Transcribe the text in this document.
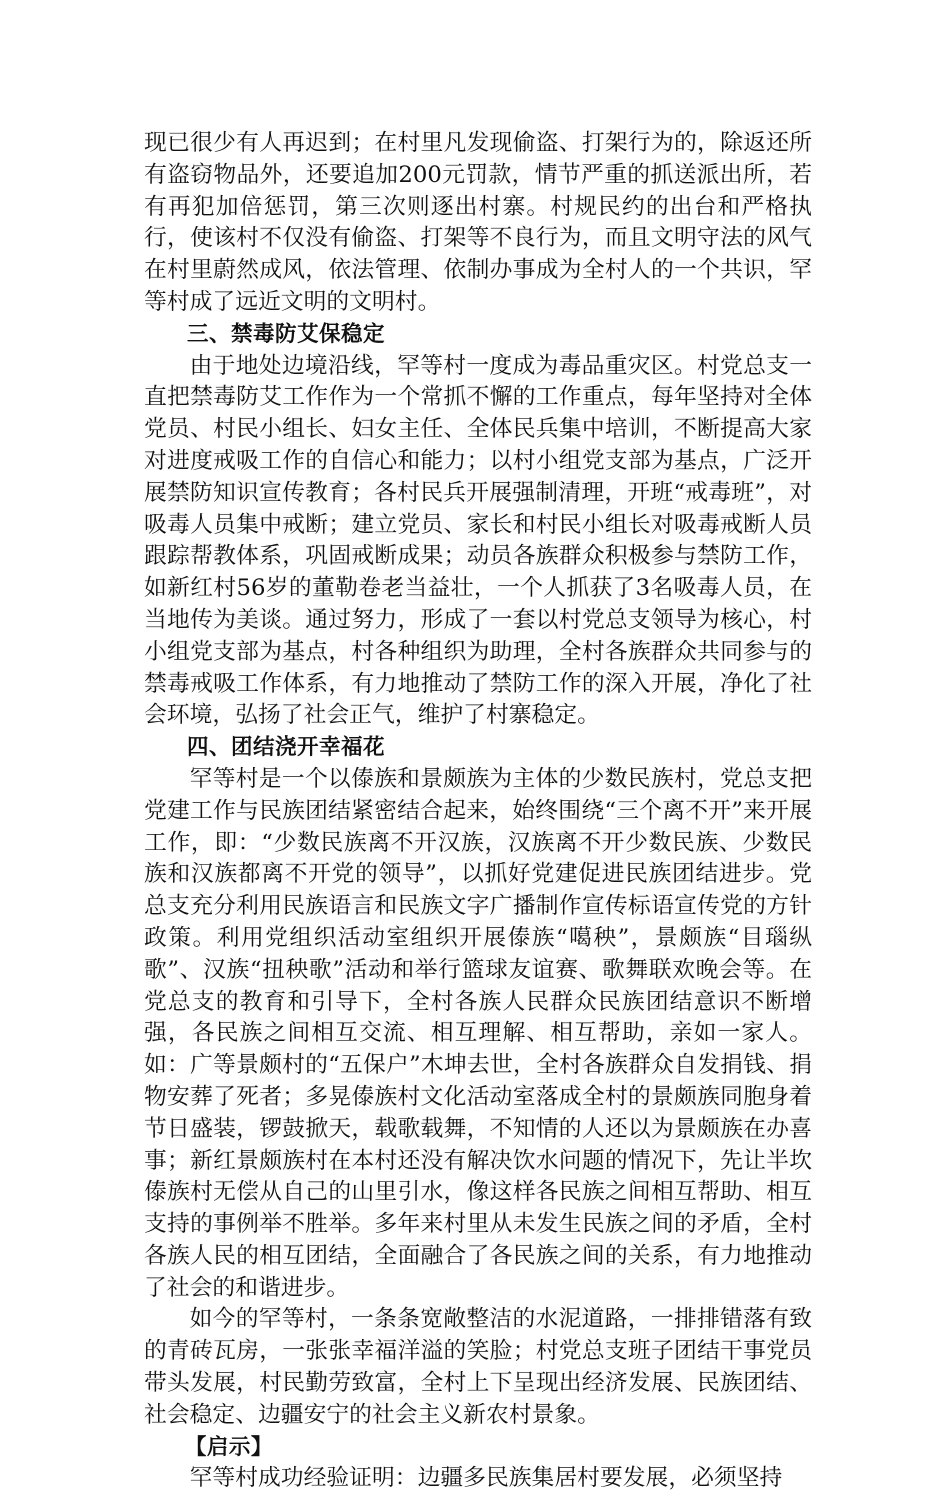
现已很少有人再迟到；在村里凡发现偷盗、打架行为的，除返还所有盗窃物品外，还要追加200元罚款，情节严重的抓送派出所，若有再犯加倍惩罚，第三次则逐出村寨。村规民约的出台和严格执行，使该村不仅没有偷盗、打架等不良行为，而且文明守法的风气在村里蔚然成风，依法管理、依制办事成为全村人的一个共识，罕等村成了远近文明的文明村。

三、禁毒防艾保稳定

由于地处边境沿线，罕等村一度成为毒品重灾区。村党总支一直把禁毒防艾工作作为一个常抓不懈的工作重点，每年坚持对全体党员、村民小组长、妇女主任、全体民兵集中培训，不断提高大家对进度戒吸工作的自信心和能力；以村小组党支部为基点，广泛开展禁防知识宣传教育；各村民兵开展强制清理，开班“戒毒班”，对吸毒人员集中戒断；建立党员、家长和村民小组长对吸毒戒断人员跟踪帮教体系，巩固戒断成果；动员各族群众积极参与禁防工作，如新红村56岁的董勒卷老当益壮，一个人抓获了3名吸毒人员，在当地传为美谈。通过努力，形成了一套以村党总支领导为核心，村小组党支部为基点，村各种组织为助理，全村各族群众共同参与的禁毒戒吸工作体系，有力地推动了禁防工作的深入开展，净化了社会环境，弘扬了社会正气，维护了村寨稳定。

四、团结浇开幸福花

罕等村是一个以傣族和景颇族为主体的少数民族村，党总支把党建工作与民族团结紧密结合起来，始终围绕“三个离不开”来开展工作，即：“少数民族离不开汉族，汉族离不开少数民族、少数民族和汉族都离不开党的领导”，以抓好党建促进民族团结进步。党总支充分利用民族语言和民族文字广播制作宣传标语宣传党的方针政策。利用党组织活动室组织开展傣族“噶秧”，景颇族“目瑙纵歌”、汉族“扭秧歌”活动和举行篮球友谊赛、歌舞联欢晚会等。在党总支的教育和引导下，全村各族人民群众民族团结意识不断增强，各民族之间相互交流、相互理解、相互帮助，亲如一家人。如：广等景颇村的“五保户”木坤去世，全村各族群众自发捐钱、捐物安葬了死者；多晃傣族村文化活动室落成全村的景颇族同胞身着节日盛装，锣鼓掀天，载歌载舞，不知情的人还以为景颇族在办喜事；新红景颇族村在本村还没有解决饮水问题的情况下，先让半坎傣族村无偿从自己的山里引水，像这样各民族之间相互帮助、相互支持的事例举不胜举。多年来村里从未发生民族之间的矛盾，全村各族人民的相互团结，全面融合了各民族之间的关系，有力地推动了社会的和谐进步。

如今的罕等村，一条条宽敞整洁的水泥道路，一排排错落有致的青砖瓦房，一张张幸福洋溢的笑脸；村党总支班子团结干事党员带头发展，村民勤劳致富，全村上下呈现出经济发展、民族团结、社会稳定、边疆安宁的社会主义新农村景象。

【启示】

罕等村成功经验证明：边疆多民族集居村要发展，必须坚持
